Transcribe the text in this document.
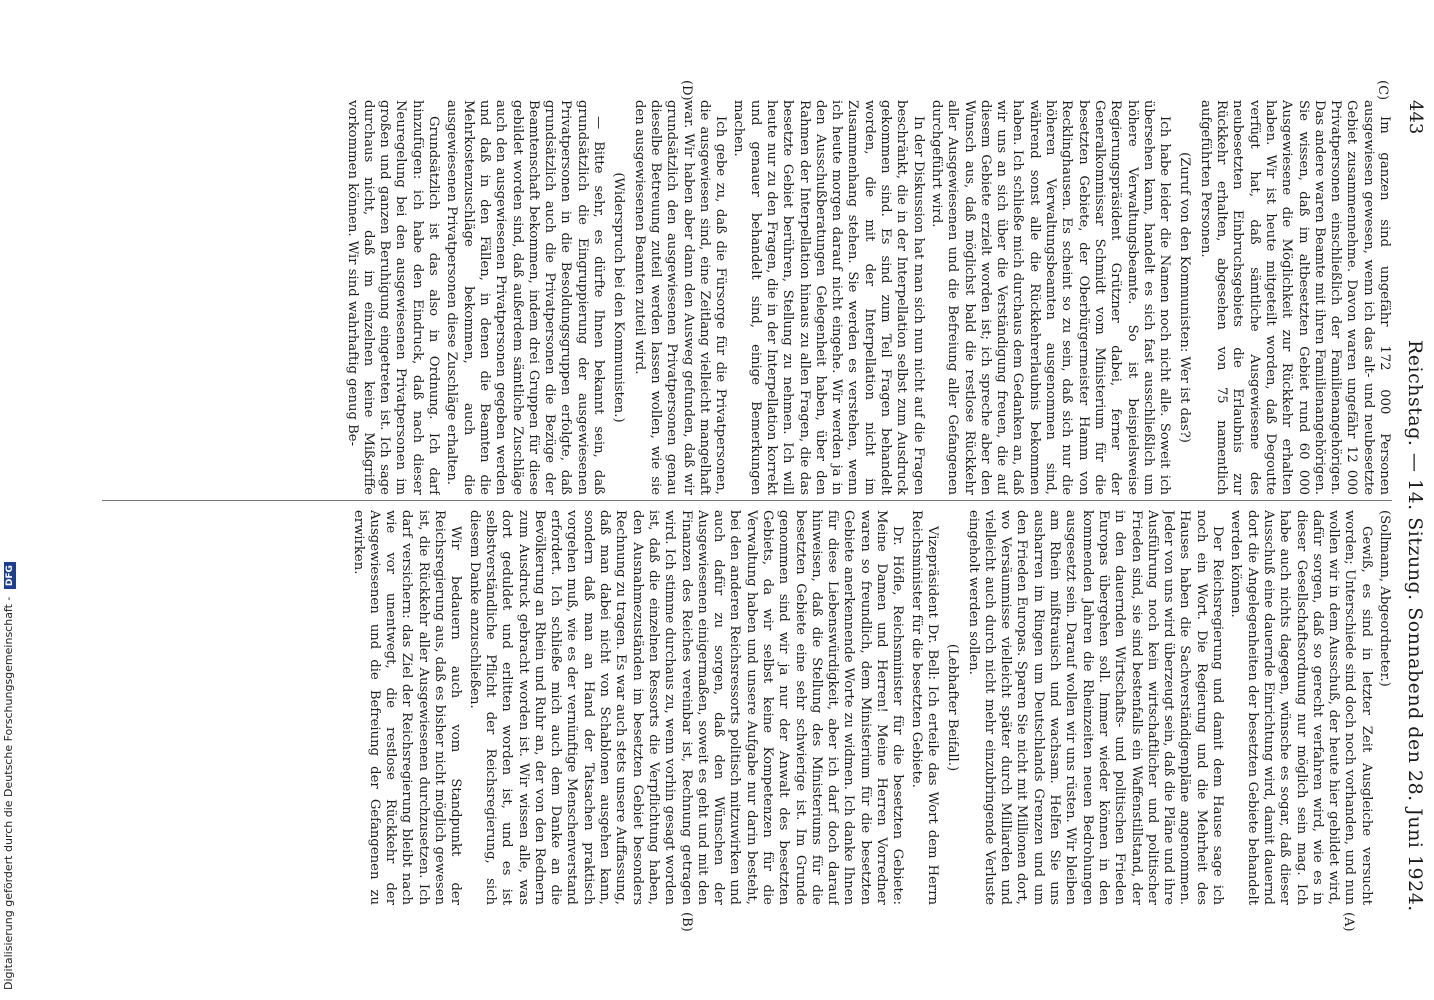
443
Reichstag. — 14. Sitzung. Sonnabend den 28. Juni 1924.
(C)
(D)
(A)
(B)

Im ganzen sind ungefähr 172 000 Personen ausgewiesen gewesen, wenn ich das alt- und neubesetzte Gebiet zusammennehme. Davon waren ungefähr 12 000 Privatpersonen einschließlich der Familienangehörigen. Das andere waren Beamte mit ihren Familienangehörigen. Sie wissen, daß im altbesetzten Gebiet rund 60 000 Ausgewiesene die Möglichkeit zur Rückkehr erhalten haben. Wir ist heute mitgeteilt worden, daß Degoutte verfügt hat, daß sämtliche Ausgewiesene des neubesetzten Einbruchsgebiets die Erlaubnis zur Rückkehr erhalten, abgesehen von 75 namentlich aufgeführten Personen.

(Zuruf von den Kommunisten: Wer ist das?)

Ich habe leider die Namen noch nicht alle. Soweit ich übersehen kann, handelt es sich fast ausschließlich um höhere Verwaltungsbeamte. So ist beispielsweise Regierungspräsident Grützner dabei, ferner der Generalkommissar Schmidt vom Ministerium für die besetzten Gebiete, der Oberbürgermeister Hamm von Recklinghausen. Es scheint so zu sein, daß sich nur die höheren Verwaltungsbeamten ausgenommen sind, während sonst alle die Rückkehrerlaubnis bekommen haben. Ich schließe mich durchaus dem Gedanken an, daß wir uns an sich über die Verständigung freuen, die auf diesem Gebiete erzielt worden ist; ich spreche aber den Wunsch aus, daß möglichst bald die restlose Rückkehr aller Ausgewiesenen und die Befreiung aller Gefangenen durchgeführt wird.

In der Diskussion hat man sich nun nicht auf die Fragen beschränkt, die in der Interpellation selbst zum Ausdruck gekommen sind. Es sind zum Teil Fragen behandelt worden, die mit der Interpellation nicht im Zusammenhang stehen. Sie werden es verstehen, wenn ich heute morgen darauf nicht eingehe. Wir werden ja in den Ausschußberatungen Gelegenheit haben, über den Rahmen der Interpellation hinaus zu allen Fragen, die das besetzte Gebiet berühren, Stellung zu nehmen. Ich will heute nur zu den Fragen, die in der Interpellation korrekt und genauer behandelt sind, einige Bemerkungen machen.

Ich gebe zu, daß die Fürsorge für die Privatpersonen, die ausgewiesen sind, eine Zeitlang vielleicht mangelhaft war. Wir haben aber dann den Ausweg gefunden, daß wir grundsätzlich den ausgewiesenen Privatpersonen genau dieselbe Betreuung zuteil werden lassen wollen, wie sie den ausgewiesenen Beamten zuteil wird.

(Widerspruch bei den Kommunisten.)

— Bitte sehr, es dürfte Ihnen bekannt sein, daß grundsätzlich die Eingruppierung der ausgewiesenen Privatpersonen in die Besoldungsgruppen erfolgte, daß grundsätzlich auch die Privatpersonen die Bezüge der Beamtenschaft bekommen, indem drei Gruppen für diese gebildet worden sind, daß außerdem sämtliche Zuschläge auch den ausgewiesenen Privatpersonen gegeben werden und daß in den Fällen, in denen die Beamten die Mehrkostenzuschläge bekommen, auch die ausgewiesenen Privatpersonen diese Zuschläge erhalten.

Grundsätzlich ist das also in Ordnung. Ich darf hinzufügen: ich habe den Eindruck, daß nach dieser Neuregelung bei den ausgewiesenen Privatpersonen im großen und ganzen Beruhigung eingetreten ist. Ich sage durchaus nicht, daß im einzelnen keine Mißgriffe vorkommen können. Wir sind wahrhaftig genug Be-

(Sollmann, Abgeordneter.)

Gewiß, es sind in letzter Zeit Ausgleiche versucht worden; Unterschiede sind doch noch vorhanden, und nun wollen wir in dem Ausschuß, der heute hier gebildet wird, dafür sorgen, daß so gerecht verfahren wird, wie es in dieser Gesellschaftsordnung nur möglich sein mag. Ich habe auch nichts dagegen, wünsche es sogar, daß dieser Ausschuß eine dauernde Einrichtung wird, damit dauernd dort die Angelegenheiten der besetzten Gebiete behandelt werden können.

Der Reichsregierung und damit dem Hause sage ich noch ein Wort. Die Regierung und die Mehrheit des Hauses haben die Sachverständigenpläne angenommen. Jeder von uns wird überzeugt sein, daß die Pläne und ihre Ausführung noch kein wirtschaftlicher und politischer Frieden sind, sie sind bestenfalls ein Waffenstillstand, der in den dauernden Wirtschafts- und politischen Frieden Europas übergehen soll. Immer wieder können in den kommenden Jahren die Rheinzeiten neuen Bedrohungen ausgesetzt sein. Darauf wollen wir uns rüsten. Wir bleiben am Rhein mißtrauisch und wachsam. Helfen Sie uns ausharren im Ringen um Deutschlands Grenzen und um den Frieden Europas. Sparen Sie nicht mit Millionen dort, wo Versäumnisse vielleicht später durch Milliarden und vielleicht auch durch nicht mehr einzubringende Verluste eingeholt werden sollen.

(Lebhafter Beifall.)

Vizepräsident Dr. Bell: Ich erteile das Wort dem Herrn Reichsminister für die besetzten Gebiete.

Dr. Höfle, Reichsminister für die besetzten Gebiete: Meine Damen und Herren! Meine Herren Vorredner waren so freundlich, dem Ministerium für die besetzten Gebiete anerkennende Worte zu widmen. Ich danke Ihnen für diese Liebenswürdigkeit, aber ich darf doch darauf hinweisen, daß die Stellung des Ministeriums für die besetzten Gebiete eine sehr schwierige ist. Im Grunde genommen sind wir ja nur der Anwalt des besetzten Gebiets, da wir selbst keine Kompetenzen für die Verwaltung haben und unsere Aufgabe nur darin besteht, bei den anderen Reichsressorts politisch mitzuwirken und auch dafür zu sorgen, daß den Wünschen der Ausgewiesenen einigermaßen, soweit es geht und mit den Finanzen des Reiches vereinbar ist, Rechnung getragen wird. Ich stimme durchaus zu, wenn vorhin gesagt worden ist, daß die einzelnen Ressorts die Verpflichtung haben, den Ausnahmezuständen im besetzten Gebiet besonders Rechnung zu tragen. Es war auch stets unsere Auffassung, daß man dabei nicht von Schablonen ausgehen kann, sondern daß man an Hand der Tatsachen praktisch vorgehen muß, wie es der vernünftige Menschenverstand erfordert. Ich schließe mich auch dem Danke an die Bevölkerung an Rhein und Ruhr an, der von den Rednern zum Ausdruck gebracht worden ist. Wir wissen alle, was dort geduldet und erlitten worden ist, und es ist selbstverständliche Pflicht der Reichsregierung, sich diesem Danke anzuschließen.

Wir bedauern auch vom Standpunkt der Reichsregierung aus, daß es bisher nicht möglich gewesen ist, die Rückkehr aller Ausgewiesenen durchzusetzen. Ich darf versichern: das Ziel der Reichsregierung bleibt nach wie vor unentwegt, die restlose Rückkehr der Ausgewiesenen und die Befreiung der Gefangenen zu erwirken.

Digitalisierung gefördert durch die Deutsche Forschungsgemeinschaft - DFG
